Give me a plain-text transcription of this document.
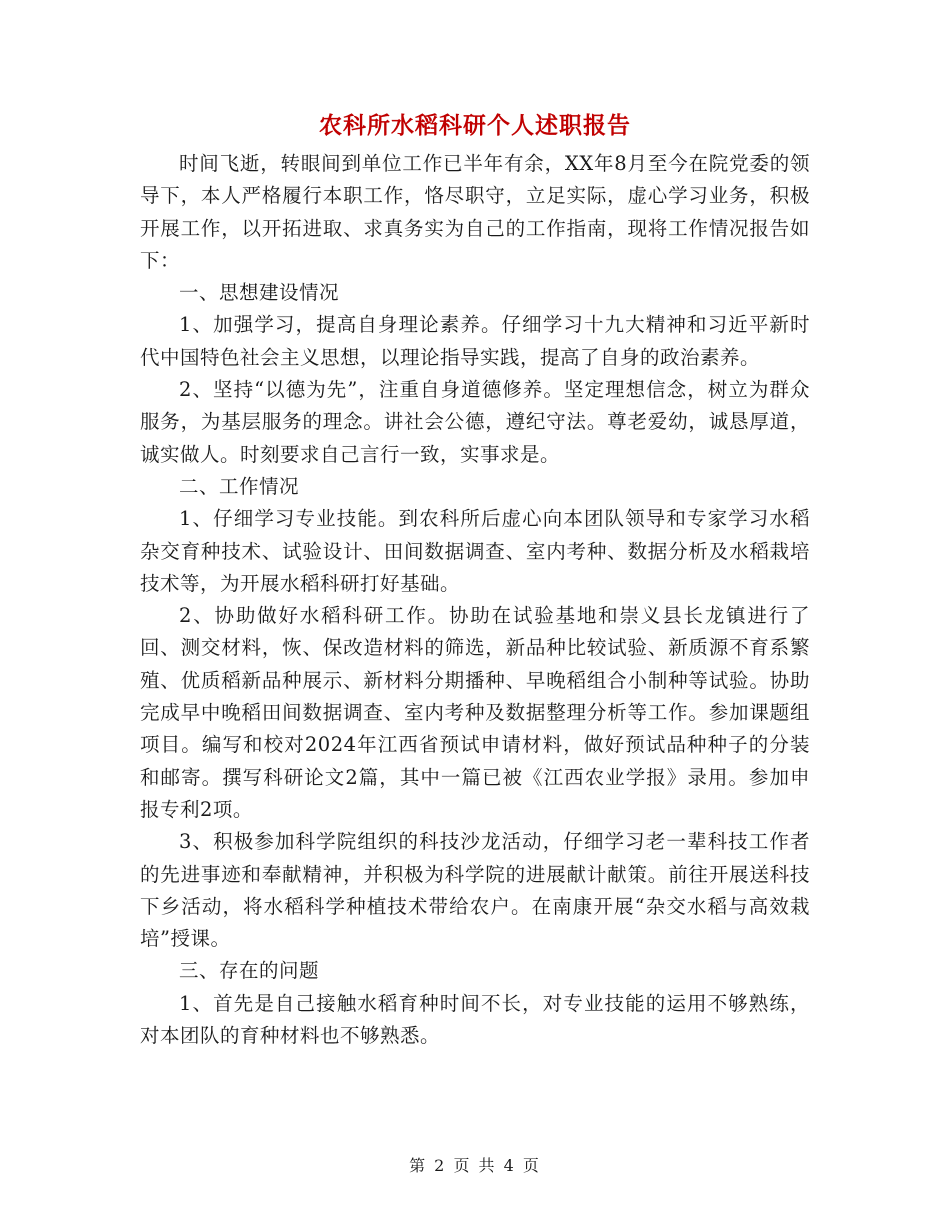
农科所水稻科研个人述职报告

时间飞逝，转眼间到单位工作已半年有余，XX年8月至今在院党委的领导下，本人严格履行本职工作，恪尽职守，立足实际，虚心学习业务，积极开展工作，以开拓进取、求真务实为自己的工作指南，现将工作情况报告如下：

一、思想建设情况

1、加强学习，提高自身理论素养。仔细学习十九大精神和习近平新时代中国特色社会主义思想，以理论指导实践，提高了自身的政治素养。

2、坚持“以德为先”，注重自身道德修养。坚定理想信念，树立为群众服务，为基层服务的理念。讲社会公德，遵纪守法。尊老爱幼，诚恳厚道，诚实做人。时刻要求自己言行一致，实事求是。

二、工作情况

1、仔细学习专业技能。到农科所后虚心向本团队领导和专家学习水稻杂交育种技术、试验设计、田间数据调查、室内考种、数据分析及水稻栽培技术等，为开展水稻科研打好基础。

2、协助做好水稻科研工作。协助在试验基地和崇义县长龙镇进行了回、测交材料，恢、保改造材料的筛选，新品种比较试验、新质源不育系繁殖、优质稻新品种展示、新材料分期播种、早晚稻组合小制种等试验。协助完成早中晚稻田间数据调查、室内考种及数据整理分析等工作。参加课题组项目。编写和校对2024年江西省预试申请材料，做好预试品种种子的分装和邮寄。撰写科研论文2篇，其中一篇已被《江西农业学报》录用。参加申报专利2项。

3、积极参加科学院组织的科技沙龙活动，仔细学习老一辈科技工作者的先进事迹和奉献精神，并积极为科学院的进展献计献策。前往开展送科技下乡活动，将水稻科学种植技术带给农户。在南康开展“杂交水稻与高效栽培”授课。

三、存在的问题

1、首先是自己接触水稻育种时间不长，对专业技能的运用不够熟练，对本团队的育种材料也不够熟悉。

第 2 页 共 4 页
